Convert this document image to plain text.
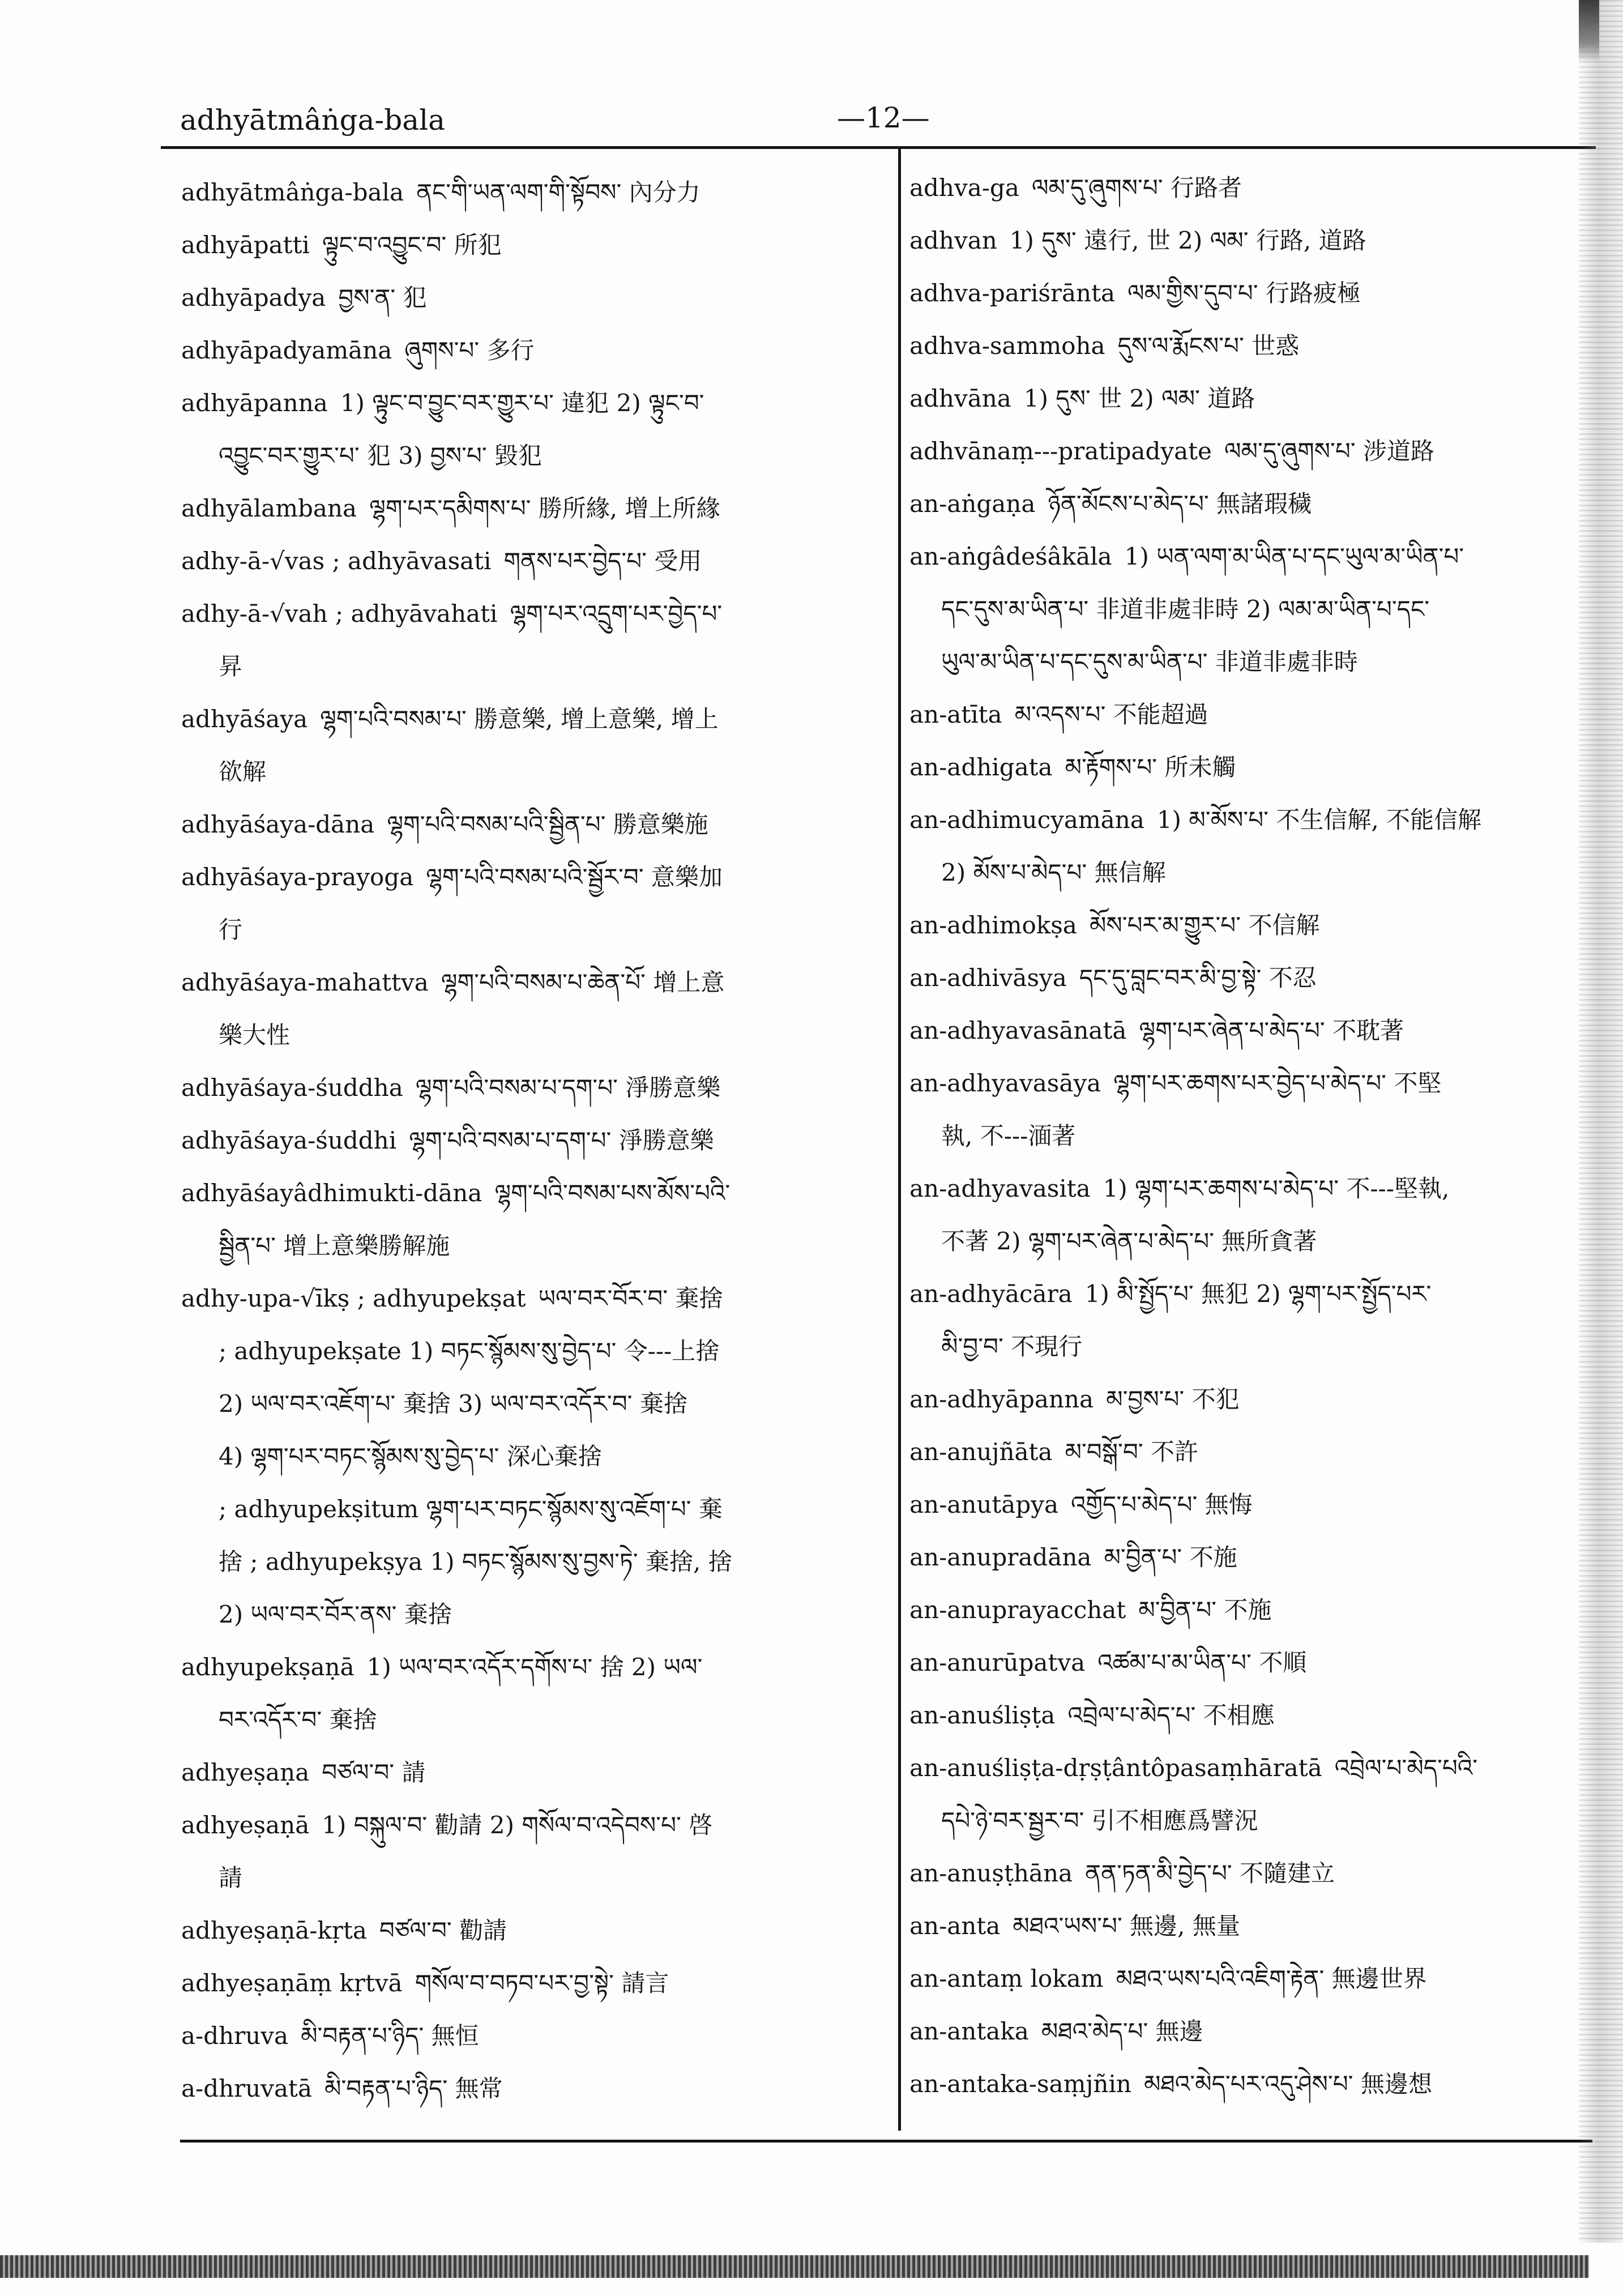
adhyātmâṅga-bala	—12—
adhyātmâṅga-bala ནང་གི་ཡན་ལག་གི་སྟོབས་ 內分力
adhyāpatti ལྟུང་བ་འབྱུང་བ་ 所犯
adhyāpadya བྱས་ན་ 犯
adhyāpadyamāna ཞུགས་པ་ 多行
adhyāpanna 1) ལྟུང་བ་བྱུང་བར་གྱུར་པ་ 違犯 2) ལྟུང་བ་
འབྱུང་བར་གྱུར་པ་ 犯 3) བྱས་པ་ 毀犯
adhyālambana ལྷག་པར་དམིགས་པ་ 勝所緣, 增上所緣
adhy-ā-√vas ; adhyāvasati གནས་པར་བྱེད་པ་ 受用
adhy-ā-√vah ; adhyāvahati ལྷག་པར་འདྲུག་པར་བྱེད་པ་
昇
adhyāśaya ལྷག་པའི་བསམ་པ་ 勝意樂, 增上意樂, 增上
欲解
adhyāśaya-dāna ལྷག་པའི་བསམ་པའི་སྦྱིན་པ་ 勝意樂施
adhyāśaya-prayoga ལྷག་པའི་བསམ་པའི་སྦྱོར་བ་ 意樂加
行
adhyāśaya-mahattva ལྷག་པའི་བསམ་པ་ཆེན་པོ་ 增上意
樂大性
adhyāśaya-śuddha ལྷག་པའི་བསམ་པ་དག་པ་ 淨勝意樂
adhyāśaya-śuddhi ལྷག་པའི་བསམ་པ་དག་པ་ 淨勝意樂
adhyāśayâdhimukti-dāna ལྷག་པའི་བསམ་པས་མོས་པའི་
སྦྱིན་པ་ 增上意樂勝解施
adhy-upa-√īkṣ ; adhyupekṣat ཡལ་བར་བོར་བ་ 棄捨
; adhyupekṣate 1) བཏང་སྙོམས་སུ་བྱེད་པ་ 令---上捨
2) ཡལ་བར་འཇོག་པ་ 棄捨 3) ཡལ་བར་འདོར་བ་ 棄捨
4) ལྷག་པར་བཏང་སྙོམས་སུ་བྱེད་པ་ 深心棄捨
; adhyupekṣitum ལྷག་པར་བཏང་སྙོམས་སུ་འཇོག་པ་ 棄
捨 ; adhyupekṣya 1) བཏང་སྙོམས་སུ་བྱས་ཏེ་ 棄捨, 捨
2) ཡལ་བར་བོར་ནས་ 棄捨
adhyupekṣaṇā 1) ཡལ་བར་འདོར་དགོས་པ་ 捨 2) ཡལ་
བར་འདོར་བ་ 棄捨
adhyeṣaṇa བཙལ་བ་ 請
adhyeṣaṇā 1) བསྐུལ་བ་ 勸請 2) གསོལ་བ་འདེབས་པ་ 啓
請
adhyeṣaṇā-kṛta བཙལ་བ་ 勸請
adhyeṣaṇāṃ kṛtvā གསོལ་བ་བཏབ་པར་བྱ་སྟེ་ 請言
a-dhruva མི་བརྟན་པ་ཉིད་ 無恒
a-dhruvatā མི་བརྟན་པ་ཉིད་ 無常
adhva-ga ལམ་དུ་ཞུགས་པ་ 行路者
adhvan 1) དུས་ 遠行, 世 2) ལམ་ 行路, 道路
adhva-pariśrānta ལམ་གྱིས་དུབ་པ་ 行路疲極
adhva-sammoha དུས་ལ་རྨོངས་པ་ 世惑
adhvāna 1) དུས་ 世 2) ལམ་ 道路
adhvānaṃ---pratipadyate ལམ་དུ་ཞུགས་པ་ 涉道路
an-aṅgaṇa ཉོན་མོངས་པ་མེད་པ་ 無諸瑕穢
an-aṅgâdeśâkāla 1) ཡན་ལག་མ་ཡིན་པ་དང་ཡུལ་མ་ཡིན་པ་
དང་དུས་མ་ཡིན་པ་ 非道非處非時 2) ལམ་མ་ཡིན་པ་དང་
ཡུལ་མ་ཡིན་པ་དང་དུས་མ་ཡིན་པ་ 非道非處非時
an-atīta མ་འདས་པ་ 不能超過
an-adhigata མ་རྟོགས་པ་ 所未觸
an-adhimucyamāna 1) མ་མོས་པ་ 不生信解, 不能信解
2) མོས་པ་མེད་པ་ 無信解
an-adhimokṣa མོས་པར་མ་གྱུར་པ་ 不信解
an-adhivāsya དང་དུ་བླང་བར་མི་བྱ་སྟེ་ 不忍
an-adhyavasānatā ལྷག་པར་ཞེན་པ་མེད་པ་ 不耽著
an-adhyavasāya ལྷག་པར་ཆགས་པར་བྱེད་པ་མེད་པ་ 不堅
執, 不---湎著
an-adhyavasita 1) ལྷག་པར་ཆགས་པ་མེད་པ་ 不---堅執,
不著 2) ལྷག་པར་ཞེན་པ་མེད་པ་ 無所貪著
an-adhyācāra 1) མི་སྤྱོད་པ་ 無犯 2) ལྷག་པར་སྤྱོད་པར་
མི་བྱ་བ་ 不現行
an-adhyāpanna མ་བྱས་པ་ 不犯
an-anujñāta མ་བསྒོ་བ་ 不許
an-anutāpya འགྱོད་པ་མེད་པ་ 無悔
an-anupradāna མ་བྱིན་པ་ 不施
an-anuprayacchat མ་བྱིན་པ་ 不施
an-anurūpatva འཚམ་པ་མ་ཡིན་པ་ 不順
an-anuśliṣṭa འབྲེལ་པ་མེད་པ་ 不相應
an-anuśliṣṭa-dṛṣṭântôpasaṃhāratā འབྲེལ་པ་མེད་པའི་
དཔེ་ཉེ་བར་སྦྱར་བ་ 引不相應爲譬況
an-anuṣṭhāna ནན་ཏན་མི་བྱེད་པ་ 不隨建立
an-anta མཐའ་ཡས་པ་ 無邊, 無量
an-antaṃ lokam མཐའ་ཡས་པའི་འཇིག་རྟེན་ 無邊世界
an-antaka མཐའ་མེད་པ་ 無邊
an-antaka-saṃjñin མཐའ་མེད་པར་འདུ་ཤེས་པ་ 無邊想
